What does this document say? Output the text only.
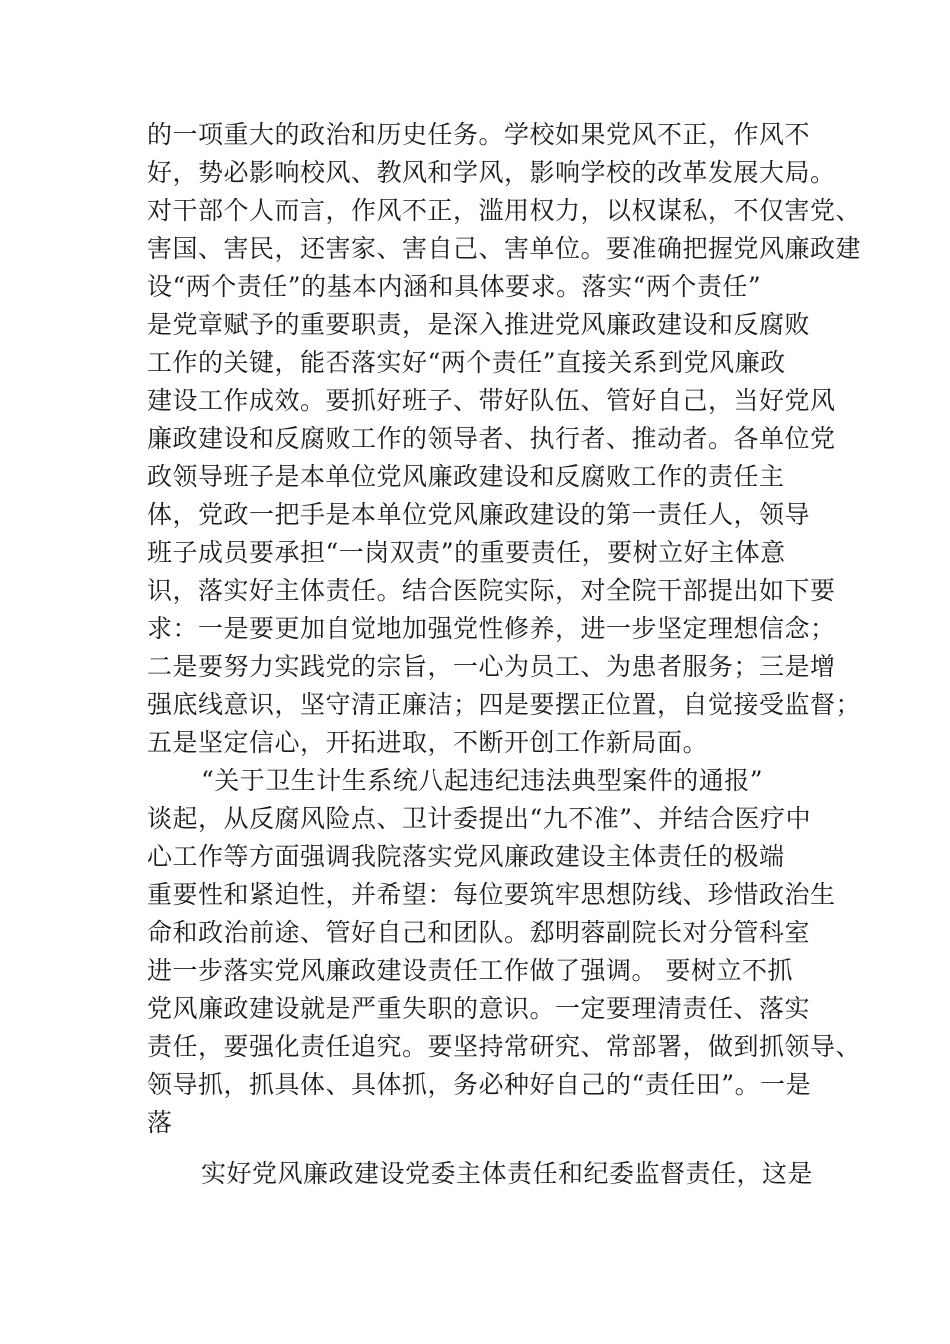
的一项重大的政治和历史任务。学校如果党风不正，作风不
好，势必影响校风、教风和学风，影响学校的改革发展大局。
对干部个人而言，作风不正，滥用权力，以权谋私，不仅害党、
害国、害民，还害家、害自己、害单位。要准确把握党风廉政建
设“两个责任”的基本内涵和具体要求。落实“两个责任”
是党章赋予的重要职责，是深入推进党风廉政建设和反腐败
工作的关键，能否落实好“两个责任”直接关系到党风廉政
建设工作成效。要抓好班子、带好队伍、管好自己，当好党风
廉政建设和反腐败工作的领导者、执行者、推动者。各单位党
政领导班子是本单位党风廉政建设和反腐败工作的责任主
体，党政一把手是本单位党风廉政建设的第一责任人，领导
班子成员要承担“一岗双责”的重要责任，要树立好主体意
识，落实好主体责任。结合医院实际，对全院干部提出如下要
求：一是要更加自觉地加强党性修养，进一步坚定理想信念；
二是要努力实践党的宗旨，一心为员工、为患者服务；三是增
强底线意识，坚守清正廉洁；四是要摆正位置，自觉接受监督；
五是坚定信心，开拓进取，不断开创工作新局面。
“关于卫生计生系统八起违纪违法典型案件的通报”
谈起，从反腐风险点、卫计委提出“九不准”、并结合医疗中
心工作等方面强调我院落实党风廉政建设主体责任的极端
重要性和紧迫性，并希望：每位要筑牢思想防线、珍惜政治生
命和政治前途、管好自己和团队。郄明蓉副院长对分管科室
进一步落实党风廉政建设责任工作做了强调。 要树立不抓
党风廉政建设就是严重失职的意识。一定要理清责任、落实
责任，要强化责任追究。要坚持常研究、常部署，做到抓领导、
领导抓，抓具体、具体抓，务必种好自己的“责任田”。一是
落
实好党风廉政建设党委主体责任和纪委监督责任，这是
